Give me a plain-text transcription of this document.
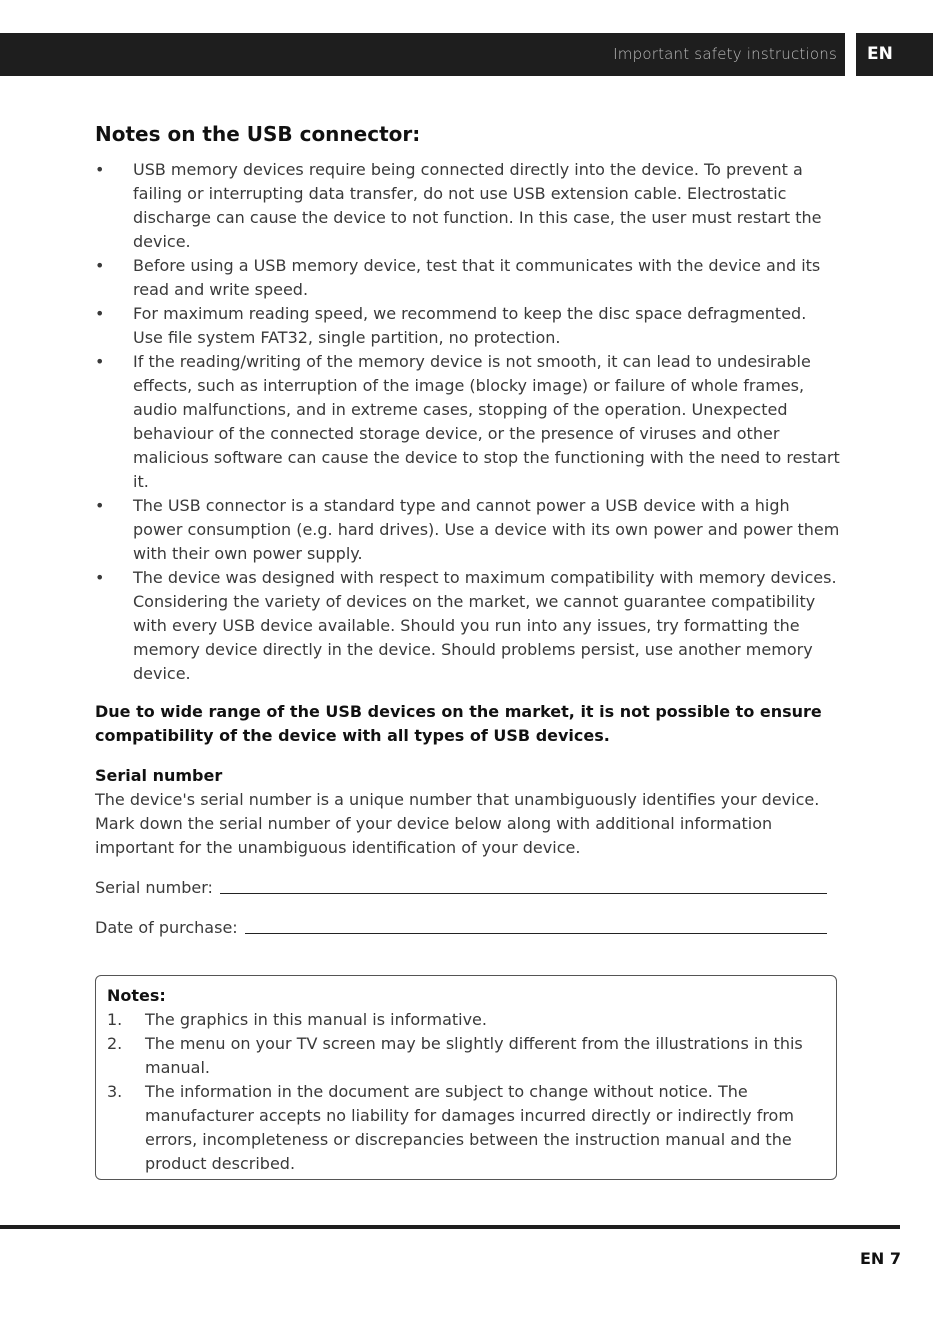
Important safety instructions	EN
Notes on the USB connector:
• USB memory devices require being connected directly into the device. To prevent a failing or interrupting data transfer, do not use USB extension cable. Electrostatic discharge can cause the device to not function. In this case, the user must restart the device.
• Before using a USB memory device, test that it communicates with the device and its read and write speed.
• For maximum reading speed, we recommend to keep the disc space defragmented. Use file system FAT32, single partition, no protection.
• If the reading/writing of the memory device is not smooth, it can lead to undesirable effects, such as interruption of the image (blocky image) or failure of whole frames, audio malfunctions, and in extreme cases, stopping of the operation. Unexpected behaviour of the connected storage device, or the presence of viruses and other malicious software can cause the device to stop the functioning with the need to restart it.
• The USB connector is a standard type and cannot power a USB device with a high power consumption (e.g. hard drives). Use a device with its own power and power them with their own power supply.
• The device was designed with respect to maximum compatibility with memory devices. Considering the variety of devices on the market, we cannot guarantee compatibility with every USB device available. Should you run into any issues, try formatting the memory device directly in the device. Should problems persist, use another memory device.
Due to wide range of the USB devices on the market, it is not possible to ensure compatibility of the device with all types of USB devices.
Serial number
The device's serial number is a unique number that unambiguously identifies your device. Mark down the serial number of your device below along with additional information important for the unambiguous identification of your device.
Serial number:
Date of purchase:
Notes:
1. The graphics in this manual is informative.
2. The menu on your TV screen may be slightly different from the illustrations in this manual.
3. The information in the document are subject to change without notice. The manufacturer accepts no liability for damages incurred directly or indirectly from errors, incompleteness or discrepancies between the instruction manual and the product described.
EN 7
